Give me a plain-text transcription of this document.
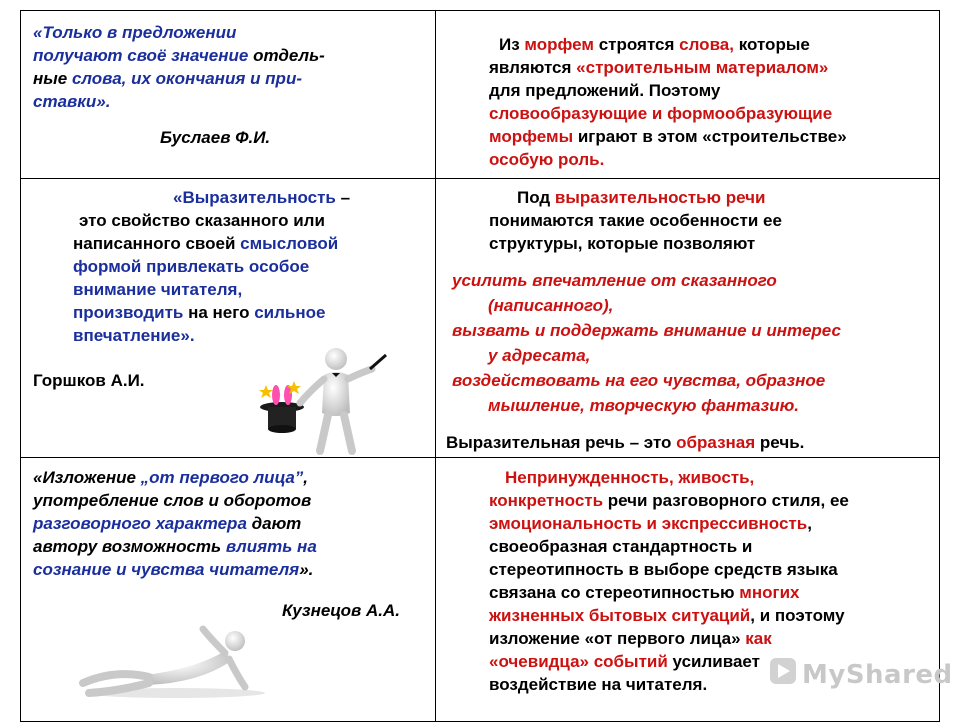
«Только в предложении
получают своё значение отдель-
ные слова, их окончания и при-
ставки».
Буслаев Ф.И.
Из морфем строятся слова, которые
являются «строительным материалом»
для предложений. Поэтому
словообразующие и формообразующие
морфемы играют в этом «строительстве»
особую роль.
«Выразительность –
это свойство сказанного или
написанного своей смысловой
формой привлекать особое
внимание читателя,
производить на него сильное
впечатление».
Горшков А.И.
Под выразительностью речи
понимаются такие особенности ее
структуры, которые позволяют
усилить впечатление от сказанного
(написанного),
вызвать и поддержать внимание и интерес
у адресата,
воздействовать на его чувства, образное
мышление, творческую фантазию.
Выразительная речь – это образная речь.
«Изложение „от первого лица”,
употребление слов и оборотов
разговорного характера дают
автору возможность влиять на
сознание и чувства читателя».
Кузнецов А.А.
Непринужденность, живость,
конкретность речи разговорного стиля, ее
эмоциональность и экспрессивность,
своеобразная стандартность и
стереотипность в выборе средств языка
связана со стереотипностью многих
жизненных бытовых ситуаций, и поэтому
изложение «от первого лица» как
«очевидца» событий усиливает
воздействие на читателя.	MyShared
